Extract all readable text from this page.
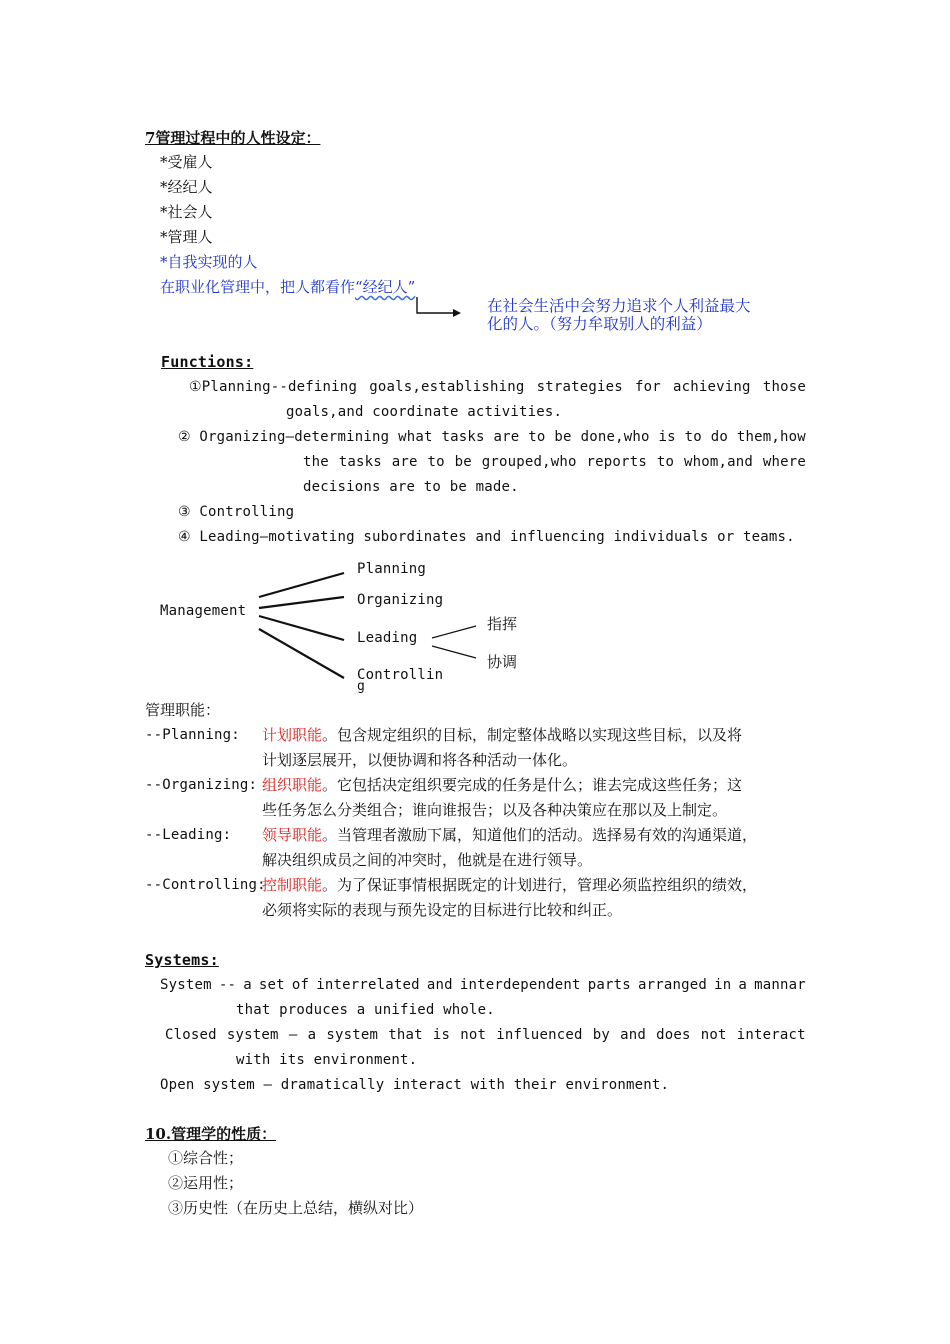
7管理过程中的人性设定：
*受雇人
*经纪人
*社会人
*管理人
*自我实现的人
在职业化管理中，把人都看作“经纪人”
在社会生活中会努力追求个人利益最大
化的人。（努力牟取别人的利益）
Functions:
①Planning--defining goals,establishing strategies for achieving those
goals,and coordinate activities.
② Organizing—determining what tasks are to be done,who is to do them,how
the tasks are to be grouped,who reports to whom,and where
decisions are to be made.
③ Controlling
④ Leading—motivating subordinates and influencing individuals or teams.
Management
Planning
Organizing
Leading
Controllin
g
指挥
协调
管理职能：
--Planning: 计划职能。包含规定组织的目标，制定整体战略以实现这些目标，以及将
计划逐层展开，以便协调和将各种活动一体化。
--Organizing: 组织职能。它包括决定组织要完成的任务是什么；谁去完成这些任务；这
些任务怎么分类组合；谁向谁报告；以及各种决策应在那以及上制定。
--Leading: 领导职能。当管理者激励下属，知道他们的活动。选择易有效的沟通渠道，
解决组织成员之间的冲突时，他就是在进行领导。
--Controlling:
控制职能。为了保证事情根据既定的计划进行，管理必须监控组织的绩效，
必须将实际的表现与预先设定的目标进行比较和纠正。
Systems:
System -- a set of interrelated and interdependent parts arranged in a mannar
that produces a unified whole.
Closed system – a system that is not influenced by and does not interact
with its environment.
Open system – dramatically interact with their environment.
10.管理学的性质：
①综合性；
②运用性；
③历史性（在历史上总结，横纵对比）
